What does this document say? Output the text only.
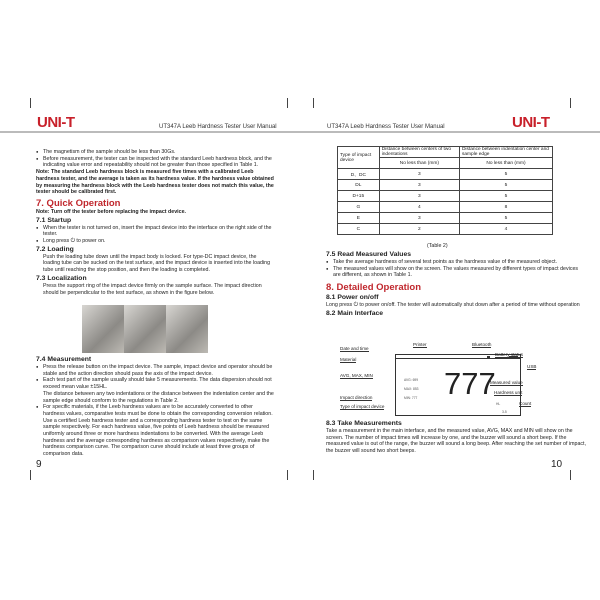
UNI-T	UT347A Leeb Hardness Tester User Manual	UT347A Leeb Hardness Tester User Manual	UNI-T

● The magnetism of the sample should be less than 30Gs.

● Before measurement, the tester can be inspected with the standard Leeb hardness block, and the indicating value error and repeatability should not be greater than those specified in Table 1.

Note: The standard Leeb hardness block is measured five times with a calibrated Leeb hardness tester, and the average is taken as its hardness value. If the hardness value obtained by measuring the hardness block with the Leeb hardness tester does not match this value, the tester should be calibrated first.

7. Quick Operation

Note: Turn off the tester before replacing the impact device.

7.1 Startup

● When the tester is not turned on, insert the impact device into the interface on the right side of the tester.

● Long press ⏻ to power on.

7.2 Loading

Push the loading tube down until the impact body is locked. For type-DC impact device, the loading tube can be sucked on the test surface, and the impact device is inserted into the loading tube until reaching the stop position, and then the loading is completed.

7.3 Localization

Press the support ring of the impact device firmly on the sample surface. The impact direction should be perpendicular to the test surface, as shown in the figure below.

7.4 Measurement

● Press the release button on the impact device. The sample, impact device and operator should be stable and the action direction should pass the axis of the impact device.

● Each test part of the sample usually should take 5 measurements. The data dispersion should not exceed mean value ±15HL.

The distance between any two indentations or the distance between the indentation center and the sample edge should conform to the regulations in Table 2.

● For specific materials, if the Leeb hardness values are to be accurately converted to other hardness values, comparative tests must be done to obtain the corresponding conversion relation. Use a certified Leeb hardness tester and a corresponding hardness tester to test on the same sample respectively. For each hardness value, five points of Leeb hardness should be measured uniformly around three or more hardness indentations to be converted. With the average Leeb hardness and the average corresponding hardness as comparison values respectively, make the hardness comparison curve. The comparison curve should include at least three groups of comparison data.

9
Type of impact device	Distance between centers of two indentations	Distance between indentation center and sample edge
	No less than (mm)	No less than (mm)
D、DC	3	5
DL	3	5
D+15	3	5
G	4	8
E	3	5
C	2	4
(Table 2)
7.5 Read Measured Values

● Take the average hardness of several test points as the hardness value of the measured object.

● The measured values will show on the screen. The values measured by different types of impact devices are different, as shown in Table 1.

8. Detailed Operation
8.1 Power on/off

Long press ⏻ to power on/off. The tester will automatically shut down after a period of time without operation

8.2 Main Interface
AVG: 699
MAX: 853
MIN: 777 777
HL
3-5
Date and time
Material
AVG, MAX, MIN
Impact direction
Type of impact device
Printer	Bluetooth
Battery status
USB
Measured value
Hardness unit
Count
8.3 Take Measurements

Take a measurement in the main interface, and the measured value, AVG, MAX and MIN will show on the screen. The number of impact times will increase by one, and the buzzer will sound a short beep. If the measured value is out of the range, the buzzer will sound a long beep. After reaching the set number of impact, the buzzer will sound two short beeps.

10
